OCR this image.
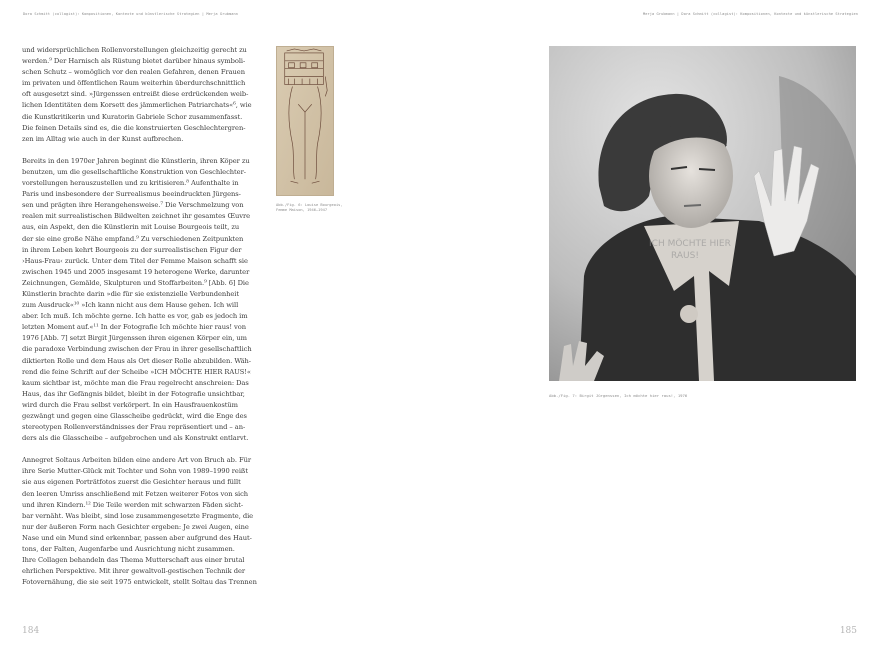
Dora Schmitt (collagist): Kompositionen, Kontexte und künstlerische Strategien | Merja Grubmann	Merja Grubmann | Dora Schmitt (collagist): Kompositionen, Kontexte und künstlerische Strategien

und widersprüchlichen Rollenvorstellungen gleichzeitig gerecht zu
werden.⁹ Der Harnisch als Rüstung bietet darüber hinaus symboli-
schen Schutz – womöglich vor den realen Gefahren, denen Frauen
im privaten und öffentlichen Raum weiterhin überdurchschnittlich
oft ausgesetzt sind. »Jürgenssen entreißt diese erdrückenden weib-
lichen Identitäten dem Korsett des jämmerlichen Patriarchats«⁶, wie
die Kunstkritikerin und Kuratorin Gabriele Schor zusammenfasst.
Die feinen Details sind es, die die konstruierten Geschlechtergren-
zen im Alltag wie auch in der Kunst aufbrechen.

Bereits in den 1970er Jahren beginnt die Künstlerin, ihren Köper zu
benutzen, um die gesellschaftliche Konstruktion von Geschlechter-
vorstellungen herauszustellen und zu kritisieren.⁸ Aufenthalte in
Paris und insbesondere der Surrealismus beeindruckten Jürgens-
sen und prägten ihre Herangehensweise.⁷ Die Verschmelzung von
realen mit surrealistischen Bildwelten zeichnet ihr gesamtes Œuvre
aus, ein Aspekt, den die Künstlerin mit Louise Bourgeois teilt, zu
der sie eine große Nähe empfand.⁹ Zu verschiedenen Zeitpunkten
in ihrem Leben kehrt Bourgeois zu der surrealistischen Figur der
›Haus-Frau‹ zurück. Unter dem Titel der Femme Maison schafft sie
zwischen 1945 und 2005 insgesamt 19 heterogene Werke, darunter
Zeichnungen, Gemälde, Skulpturen und Stoffarbeiten.⁹ [Abb. 6] Die
Künstlerin brachte darin »die für sie existenzielle Verbundenheit
zum Ausdruck«¹⁰ »Ich kann nicht aus dem Hause gehen. Ich will
aber. Ich muß. Ich möchte gerne. Ich hatte es vor, gab es jedoch im
letzten Moment auf.«¹¹ In der Fotografie Ich möchte hier raus! von
1976 [Abb. 7] setzt Birgit Jürgenssen ihren eigenen Körper ein, um
die paradoxe Verbindung zwischen der Frau in ihrer gesellschaftlich
diktierten Rolle und dem Haus als Ort dieser Rolle abzubilden. Wäh-
rend die feine Schrift auf der Scheibe »ICH MÖCHTE HIER RAUS!«
kaum sichtbar ist, möchte man die Frau regelrecht anschreien: Das
Haus, das ihr Gefängnis bildet, bleibt in der Fotografie unsichtbar,
wird durch die Frau selbst verkörpert. In ein Hausfrauenkostüm
gezwängt und gegen eine Glasscheibe gedrückt, wird die Enge des
stereotypen Rollenverständnisses der Frau repräsentiert und – an-
ders als die Glasscheibe – aufgebrochen und als Konstrukt entlarvt.

Annegret Soltaus Arbeiten bilden eine andere Art von Bruch ab. Für
ihre Serie Mutter-Glück mit Tochter und Sohn von 1989–1990 reißt
sie aus eigenen Porträtfotos zuerst die Gesichter heraus und füllt
den leeren Umriss anschließend mit Fetzen weiterer Fotos von sich
und ihren Kindern.¹² Die Teile werden mit schwarzen Fäden sicht-
bar vernäht. Was bleibt, sind lose zusammengesetzte Fragmente, die
nur der äußeren Form nach Gesichter ergeben: Je zwei Augen, eine
Nase und ein Mund sind erkennbar, passen aber aufgrund des Haut-
tons, der Falten, Augenfarbe und Ausrichtung nicht zusammen.
Ihre Collagen behandeln das Thema Mutterschaft aus einer brutal
ehrlichen Perspektive. Mit ihrer gewaltvoll-gestischen Technik der
Fotovernähung, die sie seit 1975 entwickelt, stellt Soltau das Trennen

Abb./Fig. 6: Louise Bourgeois,
Femme Maison, 1946–1947
ICH MÖCHTE HIER
RAUS!
Abb./Fig. 7: Birgit Jürgenssen, Ich möchte hier raus!, 1976
184	185
